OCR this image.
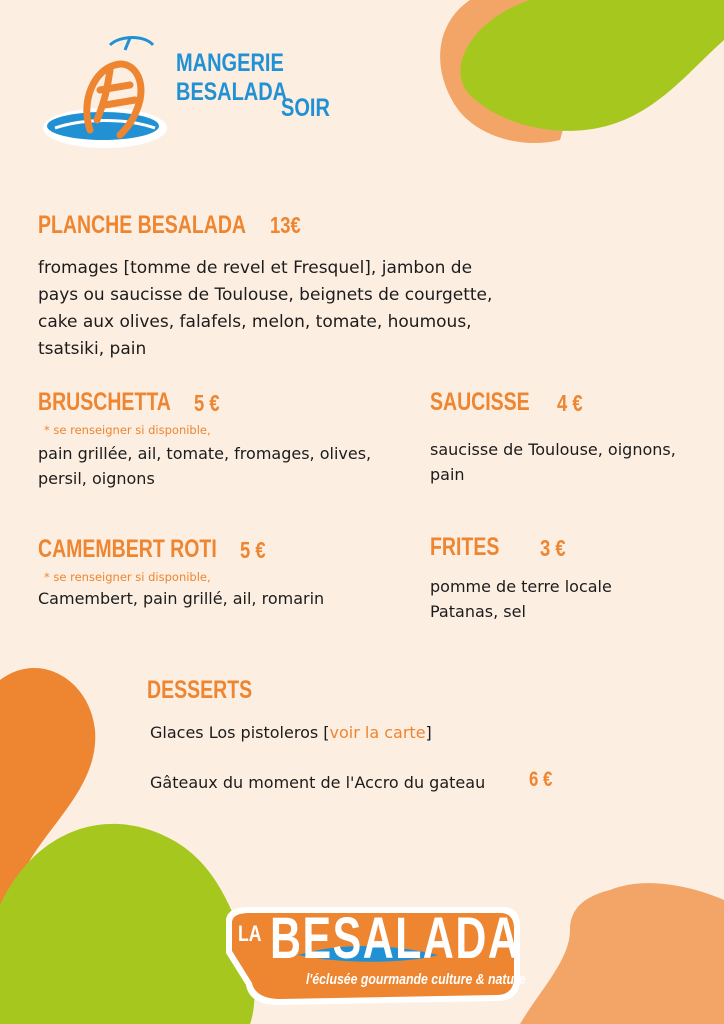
MANGERIE BESALADA
SOIR
PLANCHE BESALADA 13€
fromages [tomme de revel et Fresquel], jambon de
pays ou saucisse de Toulouse, beignets de courgette,
cake aux olives, falafels, melon, tomate, houmous,
tsatsiki, pain
BRUSCHETTA 5 €
* se renseigner si disponible,
pain grillée, ail, tomate, fromages, olives,
persil, oignons
SAUCISSE 4 €
saucisse de Toulouse, oignons,
pain
CAMEMBERT ROTI 5 €
* se renseigner si disponible,
Camembert, pain grillé, ail, romarin
FRITES 3 €
pomme de terre locale
Patanas, sel
DESSERTS
Glaces Los pistoleros [voir la carte]
Gâteaux du moment de l'Accro du gateau 6 €
LA BESALADA
l'éclusée gourmande culture & nature
